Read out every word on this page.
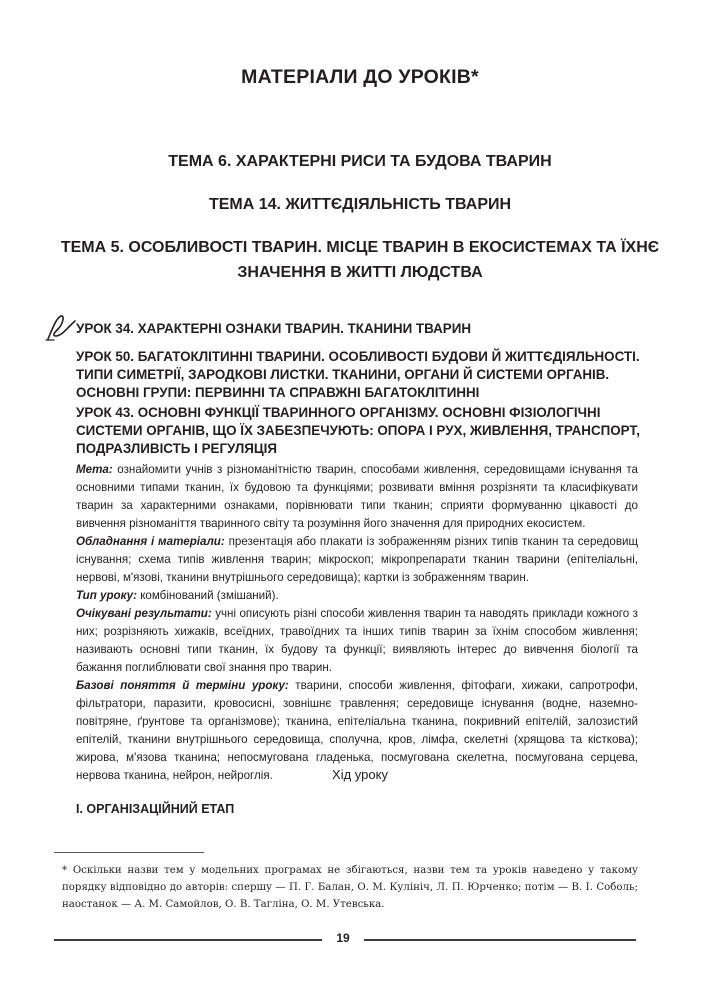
МАТЕРІАЛИ ДО УРОКІВ*
ТЕМА 6. ХАРАКТЕРНІ РИСИ ТА БУДОВА ТВАРИН
ТЕМА 14. ЖИТТЄДІЯЛЬНІСТЬ ТВАРИН
ТЕМА 5. ОСОБЛИВОСТІ ТВАРИН. МІСЦЕ ТВАРИН В ЕКОСИСТЕМАХ ТА ЇХНЄ ЗНАЧЕННЯ В ЖИТТІ ЛЮДСТВА
УРОК 34. ХАРАКТЕРНІ ОЗНАКИ ТВАРИН. ТКАНИНИ ТВАРИН
УРОК 50. БАГАТОКЛІТИННІ ТВАРИНИ. ОСОБЛИВОСТІ БУДОВИ Й ЖИТТЄДІЯЛЬНОСТІ. ТИПИ СИМЕТРІЇ, ЗАРОДКОВІ ЛИСТКИ. ТКАНИНИ, ОРГАНИ Й СИСТЕМИ ОРГАНІВ. ОСНОВНІ ГРУПИ: ПЕРВИННІ ТА СПРАВЖНІ БАГАТОКЛІТИННІ
УРОК 43. ОСНОВНІ ФУНКЦІЇ ТВАРИННОГО ОРГАНІЗМУ. ОСНОВНІ ФІЗІОЛОГІЧНІ СИСТЕМИ ОРГАНІВ, ЩО ЇХ ЗАБЕЗПЕЧУЮТЬ: ОПОРА І РУХ, ЖИВЛЕННЯ, ТРАНСПОРТ, ПОДРАЗЛИВІСТЬ І РЕГУЛЯЦІЯ

Мета: ознайомити учнів з різноманітністю тварин, способами живлення, середовищами існування та основними типами тканин, їх будовою та функціями; розвивати вміння розрізняти та класифікувати тварин за характерними ознаками, порівнювати типи тканин; сприяти формуванню цікавості до вивчення різноманіття тваринного світу та розуміння його значення для природних екосистем.

Обладнання і матеріали: презентація або плакати із зображенням різних типів тканин та середовищ існування; схема типів живлення тварин; мікроскоп; мікропрепарати тканин тварини (епітеліальні, нервові, м'язові, тканини внутрішнього середовища); картки із зображенням тварин.

Тип уроку: комбінований (змішаний).

Очікувані результати: учні описують різні способи живлення тварин та наводять приклади кожного з них; розрізняють хижаків, всеїдних, травоїдних та інших типів тварин за їхнім способом живлення; називають основні типи тканин, їх будову та функції; виявляють інтерес до вивчення біології та бажання поглиблювати свої знання про тварин.

Базові поняття й терміни уроку: тварини, способи живлення, фітофаги, хижаки, сапротрофи, фільтратори, паразити, кровосисні, зовнішнє травлення; середовище існування (водне, наземно-повітряне, ґрунтове та організмове); тканина, епітеліальна тканина, покривний епітелій, залозистий епітелій, тканини внутрішнього середовища, сполучна, кров, лімфа, скелетні (хрящова та кісткова); жирова, м'язова тканина; непосмугована гладенька, посмугована скелетна, посмугована серцева, нервова тканина, нейрон, нейроглія.	Хід уроку
І. ОРГАНІЗАЦІЙНИЙ ЕТАП
* Оскільки назви тем у модельних програмах не збігаються, назви тем та уроків наведено у такому порядку відповідно до авторів: спершу — П. Г. Балан, О. М. Кулініч, Л. П. Юрченко; потім — В. І. Соболь; наостанок — А. М. Самойлов, О. В. Тагліна, О. М. Утевська.
19
